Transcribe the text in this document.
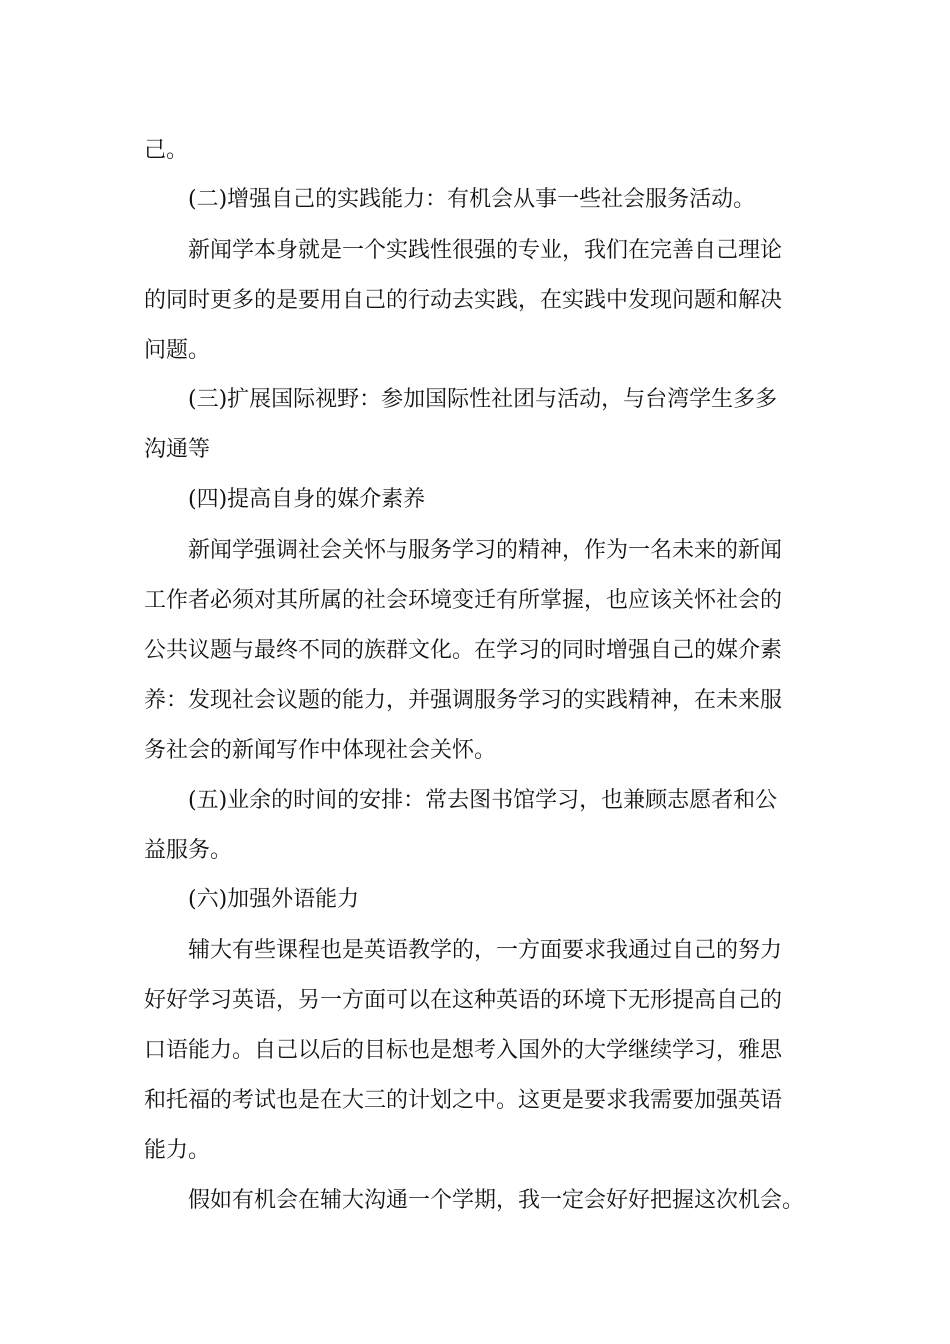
己。
(二)增强自己的实践能力：有机会从事一些社会服务活动。
新闻学本身就是一个实践性很强的专业，我们在完善自己理论
的同时更多的是要用自己的行动去实践，在实践中发现问题和解决
问题。
(三)扩展国际视野：参加国际性社团与活动，与台湾学生多多
沟通等
(四)提高自身的媒介素养
新闻学强调社会关怀与服务学习的精神，作为一名未来的新闻
工作者必须对其所属的社会环境变迁有所掌握，也应该关怀社会的
公共议题与最终不同的族群文化。在学习的同时增强自己的媒介素
养：发现社会议题的能力，并强调服务学习的实践精神，在未来服
务社会的新闻写作中体现社会关怀。
(五)业余的时间的安排：常去图书馆学习，也兼顾志愿者和公
益服务。
(六)加强外语能力
辅大有些课程也是英语教学的，一方面要求我通过自己的努力
好好学习英语，另一方面可以在这种英语的环境下无形提高自己的
口语能力。自己以后的目标也是想考入国外的大学继续学习，雅思
和托福的考试也是在大三的计划之中。这更是要求我需要加强英语
能力。
假如有机会在辅大沟通一个学期，我一定会好好把握这次机会。
